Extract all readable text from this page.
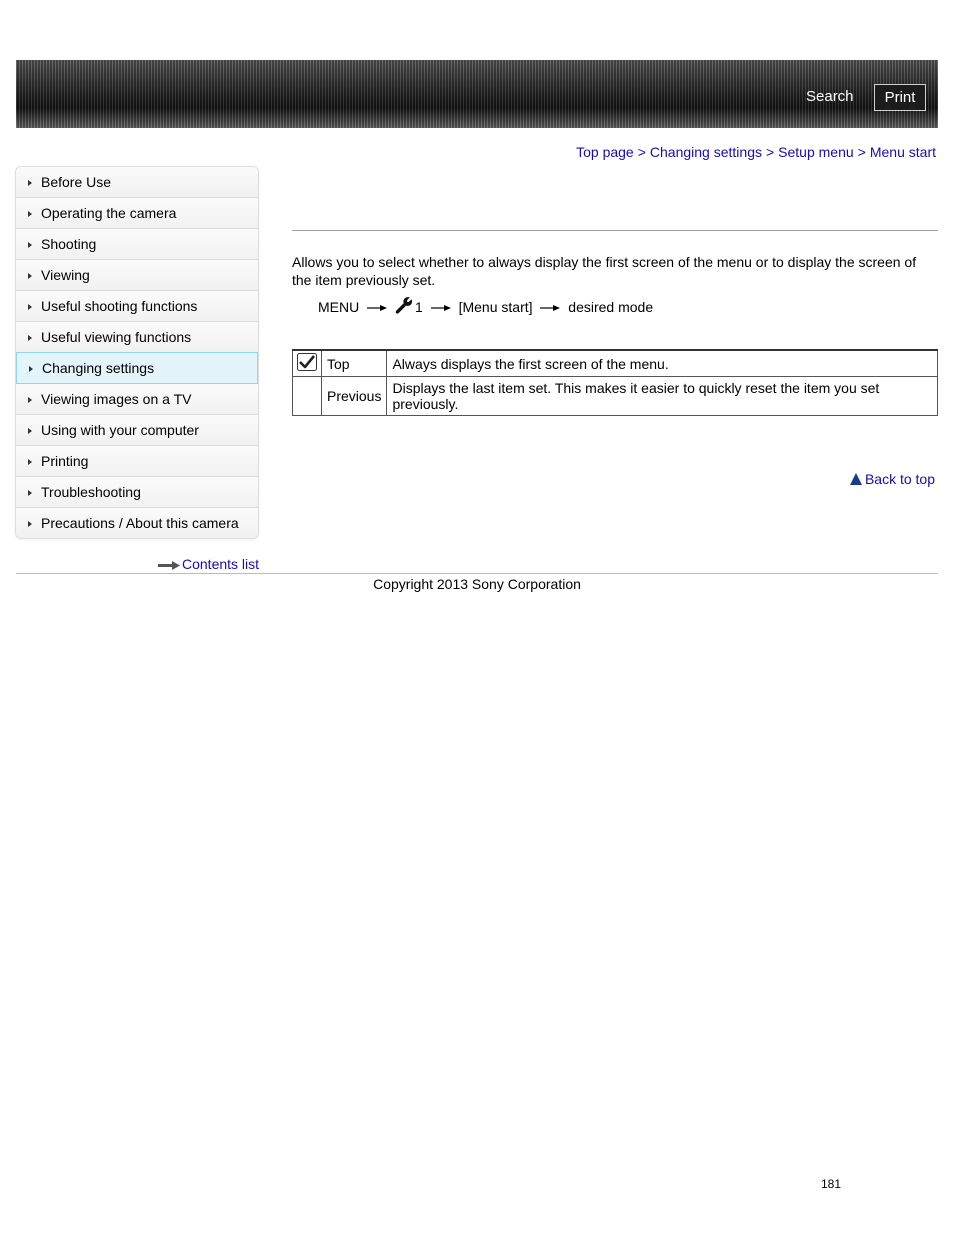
Search	Print
Top page > Changing settings > Setup menu > Menu start
Before Use
Operating the camera
Shooting
Viewing
Useful shooting functions
Useful viewing functions
Changing settings
Viewing images on a TV
Using with your computer
Printing
Troubleshooting
Precautions / About this camera
Contents list
Allows you to select whether to always display the first screen of the menu or to display the screen of the item previously set.
MENU	1	[Menu start]	desired mode
	Top	Always displays the first screen of the menu.
	Previous	Displays the last item set. This makes it easier to quickly reset the item you set previously.
Back to top
Copyright 2013 Sony Corporation
181
